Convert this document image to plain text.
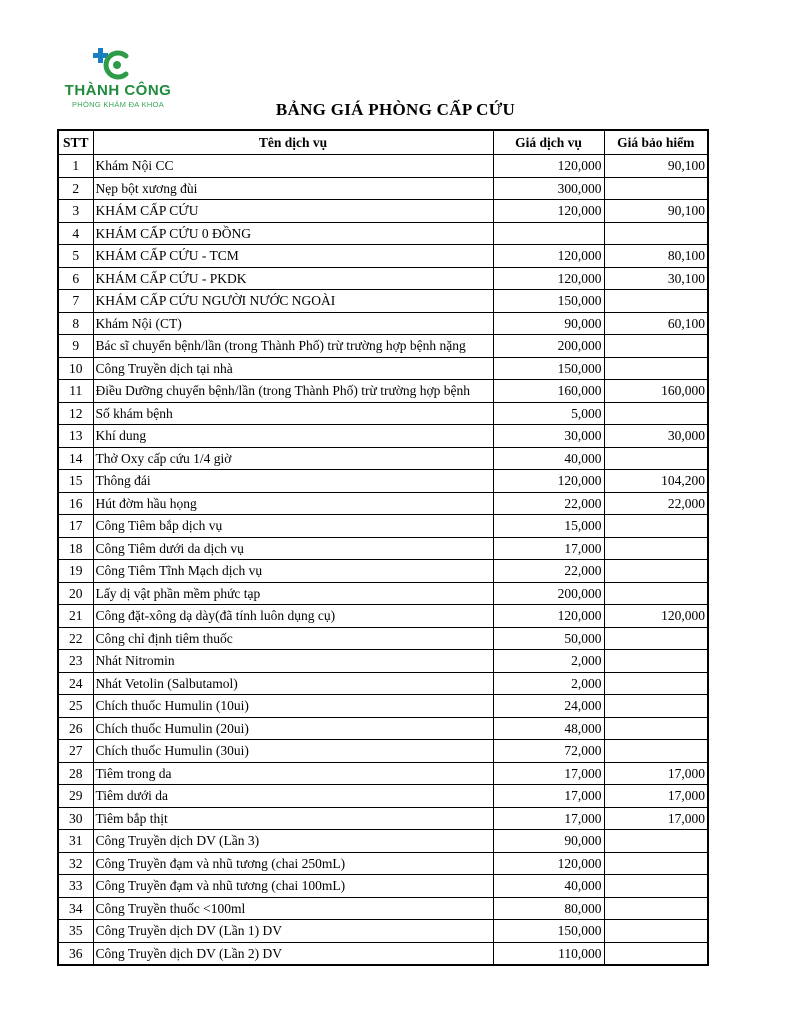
THÀNH CÔNG
PHÒNG KHÁM ĐA KHOA	BẢNG GIÁ PHÒNG CẤP CỨU
STT	Tên dịch vụ	Giá dịch vụ	Giá bảo hiểm
1	Khám Nội CC	120,000	90,100
2	Nẹp bột xương đùi	300,000	
3	KHÁM CẤP CỨU	120,000	90,100
4	KHÁM CẤP CỨU 0 ĐỒNG		
5	KHÁM CẤP CỨU - TCM	120,000	80,100
6	KHÁM CẤP CỨU - PKDK	120,000	30,100
7	KHÁM CẤP CỨU NGƯỜI NƯỚC NGOÀI	150,000	
8	Khám Nội (CT)	90,000	60,100
9	Bác sĩ chuyển bệnh/lần (trong Thành Phố) trừ trường hợp bệnh nặng	200,000	
10	Công Truyền dịch tại nhà	150,000	
11	Điều Dưỡng chuyển bệnh/lần (trong Thành Phố) trừ trường hợp bệnh	160,000	160,000
12	Số khám bệnh	5,000	
13	Khí dung	30,000	30,000
14	Thở Oxy cấp cứu 1/4 giờ	40,000	
15	Thông đái	120,000	104,200
16	Hút đờm hầu họng	22,000	22,000
17	Công Tiêm bắp dịch vụ	15,000	
18	Công Tiêm dưới da dịch vụ	17,000	
19	Công Tiêm Tĩnh Mạch dịch vụ	22,000	
20	Lấy dị vật phần mềm phức tạp	200,000	
21	Công đặt-xông dạ dày(đã tính luôn dụng cụ)	120,000	120,000
22	Công chỉ định tiêm thuốc	50,000	
23	Nhát Nitromin	2,000	
24	Nhát Vetolin (Salbutamol)	2,000	
25	Chích thuốc Humulin (10ui)	24,000	
26	Chích thuốc Humulin (20ui)	48,000	
27	Chích thuốc Humulin (30ui)	72,000	
28	Tiêm trong da	17,000	17,000
29	Tiêm dưới da	17,000	17,000
30	Tiêm bắp thịt	17,000	17,000
31	Công Truyền dịch DV (Lần 3)	90,000	
32	Công Truyền đạm và nhũ tương (chai 250mL)	120,000	
33	Công Truyền đạm và nhũ tương (chai 100mL)	40,000	
34	Công Truyền thuốc <100ml	80,000	
35	Công Truyền dịch DV (Lần 1) DV	150,000	
36	Công Truyền dịch DV (Lần 2) DV	110,000	
